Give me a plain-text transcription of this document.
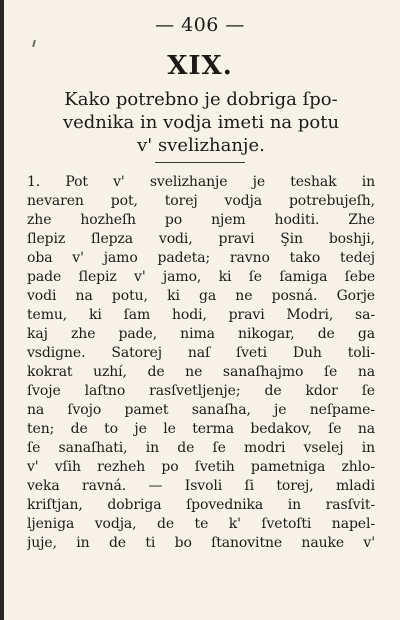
— 406 —
XIX.
Kako potrebno je dobriga ſpo-
vednika in vodja imeti na potu
v' svelizhanje.
1. Pot v' svelizhanje je teshak in
nevaren pot, torej vodja potrebujeſh,
zhe hozheſh po njem hoditi. Zhe
ſlepiz ſlepza vodi, pravi Şin boshji,
oba v' jamo padeta; ravno tako tedej
pade ſlepiz v' jamo, ki ſe ſamiga ſebe
vodi na potu, ki ga ne posná. Gorje
temu, ki ſam hodi, pravi Modri, sa-
kaj zhe pade, nima nikogar, de ga
vsdigne. Satorej naſ ſveti Duh toli-
kokrat uzhí, de ne sanaſhajmo ſe na
ſvoje laſtno rasſvetljenje; de kdor ſe
na ſvojo pamet sanaſha, je neſpame-
ten; de to je le terma bedakov, ſe na
ſe sanaſhati, in de ſe modri vselej in
v' vſih rezheh po ſvetih pametniga zhlo-
veka ravná. — Isvoli ſi torej, mladi
kriſtjan, dobriga ſpovednika in rasſvit-
ljeniga vodja, de te k' ſvetoſti napel-
juje, in de ti bo ſtanovitne nauke v'
